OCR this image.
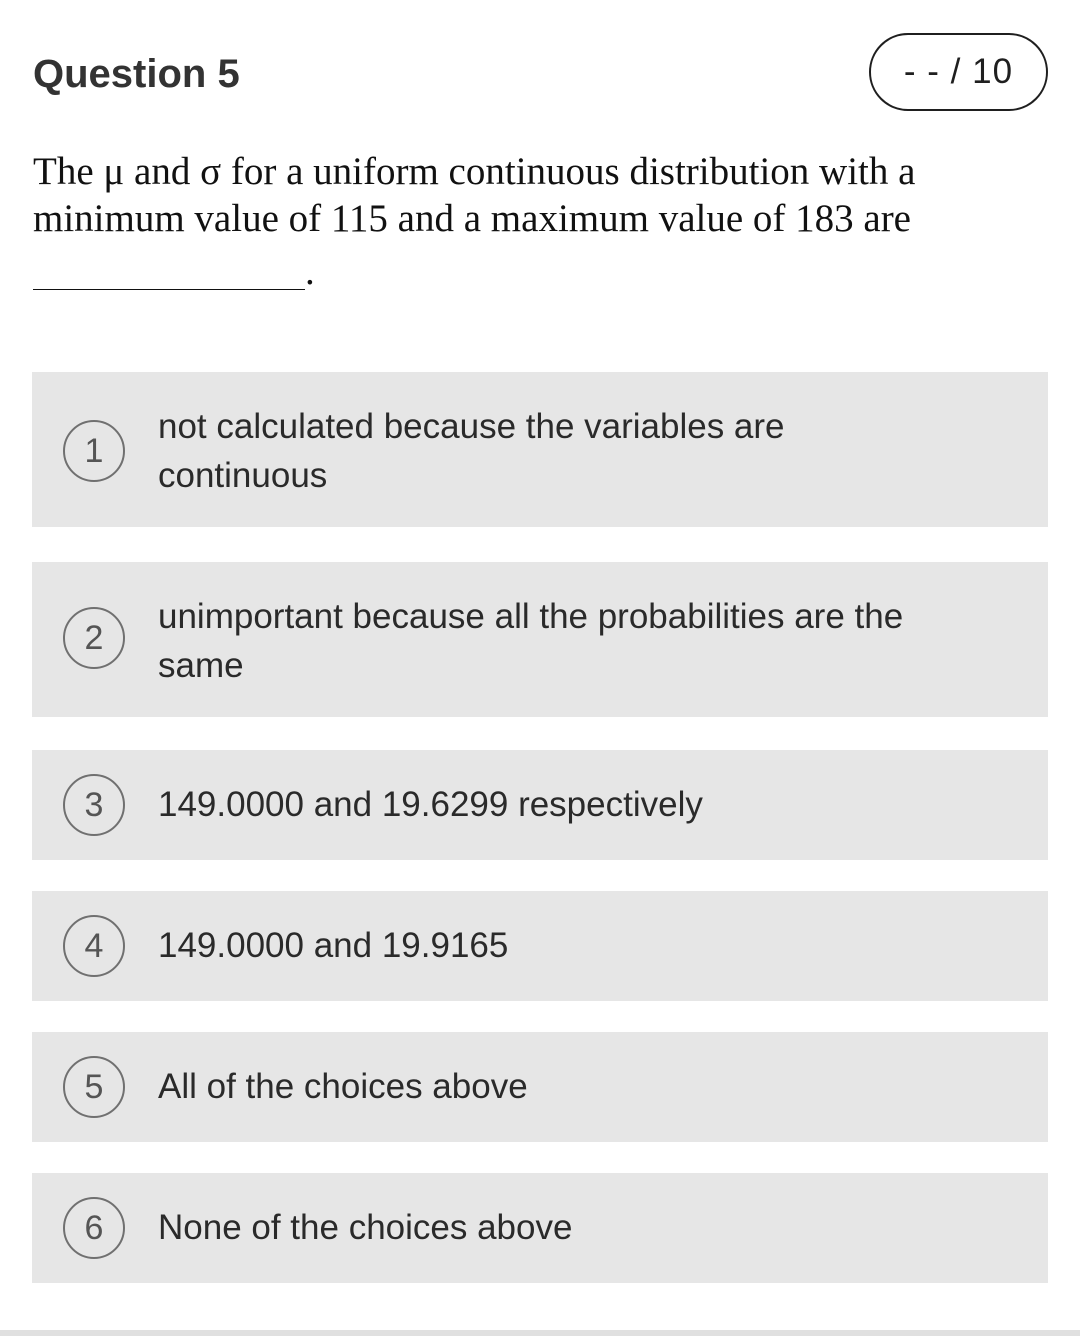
Question 5	- - / 10
The μ and σ for a uniform continuous distribution with a minimum value of 115 and a maximum value of 183 are
.
1
not calculated because the variables are continuous
2
unimportant because all the probabilities are the same
3	149.0000 and 19.6299 respectively
4	149.0000 and 19.9165
5	All of the choices above
6	None of the choices above
